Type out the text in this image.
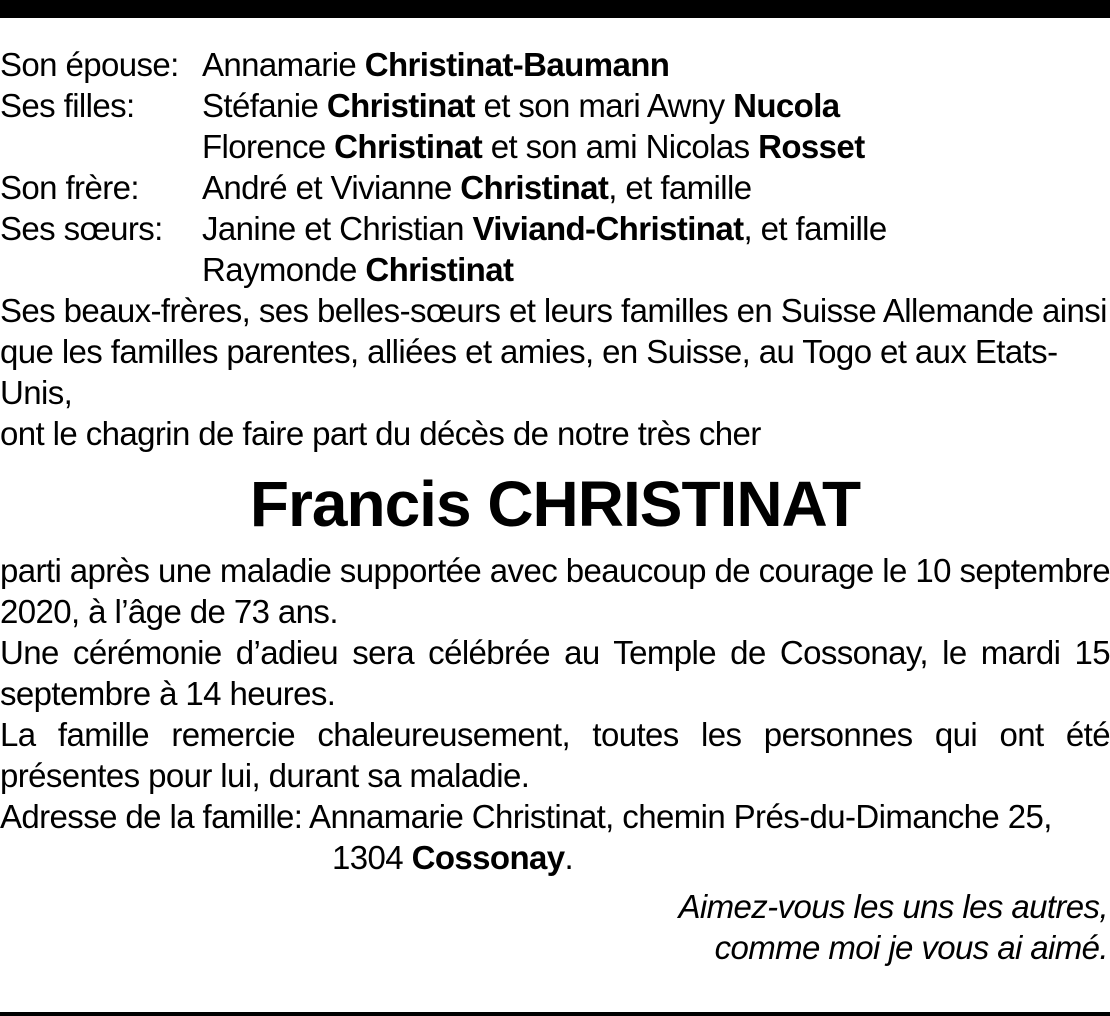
Son épouse: Annamarie Christinat-Baumann
Ses filles:	Stéfanie Christinat et son mari Awny Nucola
Florence Christinat et son ami Nicolas Rosset
Son frère:	André et Vivianne Christinat, et famille
Ses sœurs:	Janine et Christian Viviand-Christinat, et famille
Raymonde Christinat
Ses beaux-frères, ses belles-sœurs et leurs familles en Suisse Allemande ainsi que les familles parentes, alliées et amies, en Suisse, au Togo et aux Etats-Unis,
ont le chagrin de faire part du décès de notre très cher
Francis CHRISTINAT
parti après une maladie supportée avec beaucoup de courage le 10 septembre 2020, à l’âge de 73 ans.
Une cérémonie d’adieu sera célébrée au Temple de Cossonay, le mardi 15 septembre à 14 heures.
La famille remercie chaleureusement, toutes les personnes qui ont été présentes pour lui, durant sa maladie.
Adresse de la famille: Annamarie Christinat, chemin Prés-du-Dimanche 25,
1304 Cossonay.
Aimez-vous les uns les autres,
comme moi je vous ai aimé.
